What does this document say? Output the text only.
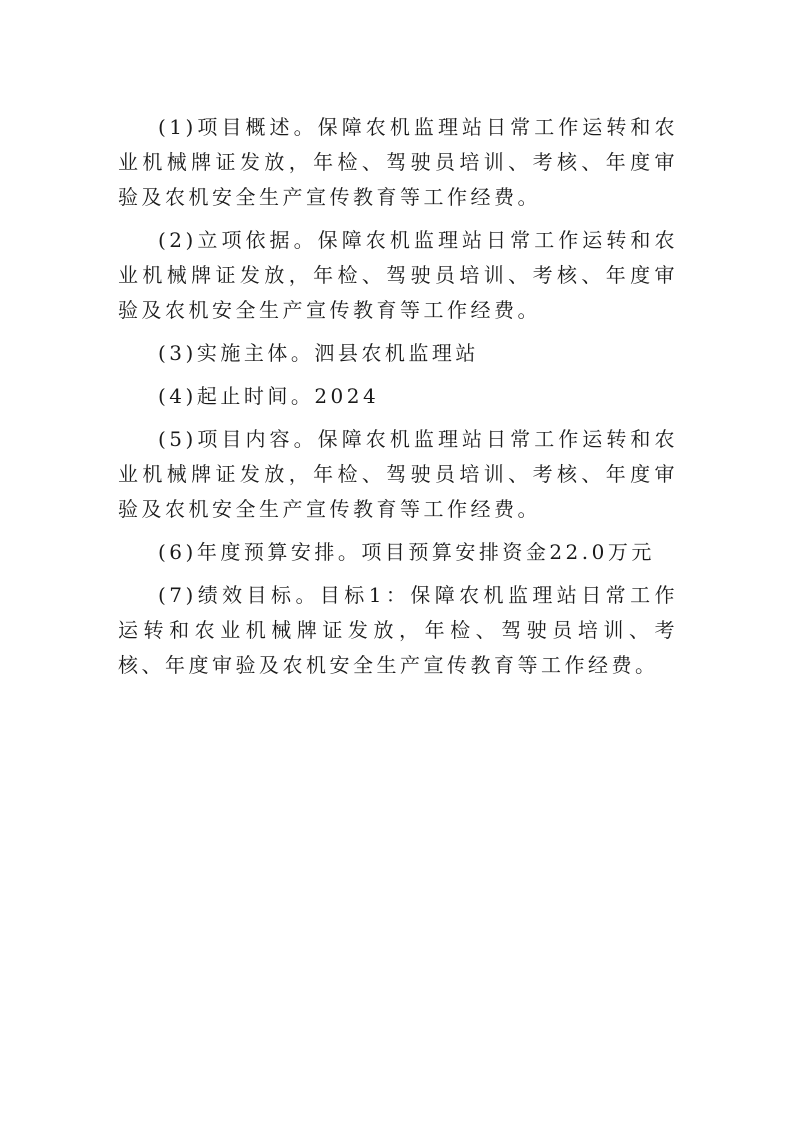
(1)项目概述。保障农机监理站日常工作运转和农业机械牌证发放，年检、驾驶员培训、考核、年度审验及农机安全生产宣传教育等工作经费。

(2)立项依据。保障农机监理站日常工作运转和农业机械牌证发放，年检、驾驶员培训、考核、年度审验及农机安全生产宣传教育等工作经费。

(3)实施主体。泗县农机监理站

(4)起止时间。2024

(5)项目内容。保障农机监理站日常工作运转和农业机械牌证发放，年检、驾驶员培训、考核、年度审验及农机安全生产宣传教育等工作经费。

(6)年度预算安排。项目预算安排资金22.0万元

(7)绩效目标。目标1：保障农机监理站日常工作运转和农业机械牌证发放，年检、驾驶员培训、考核、年度审验及农机安全生产宣传教育等工作经费。
